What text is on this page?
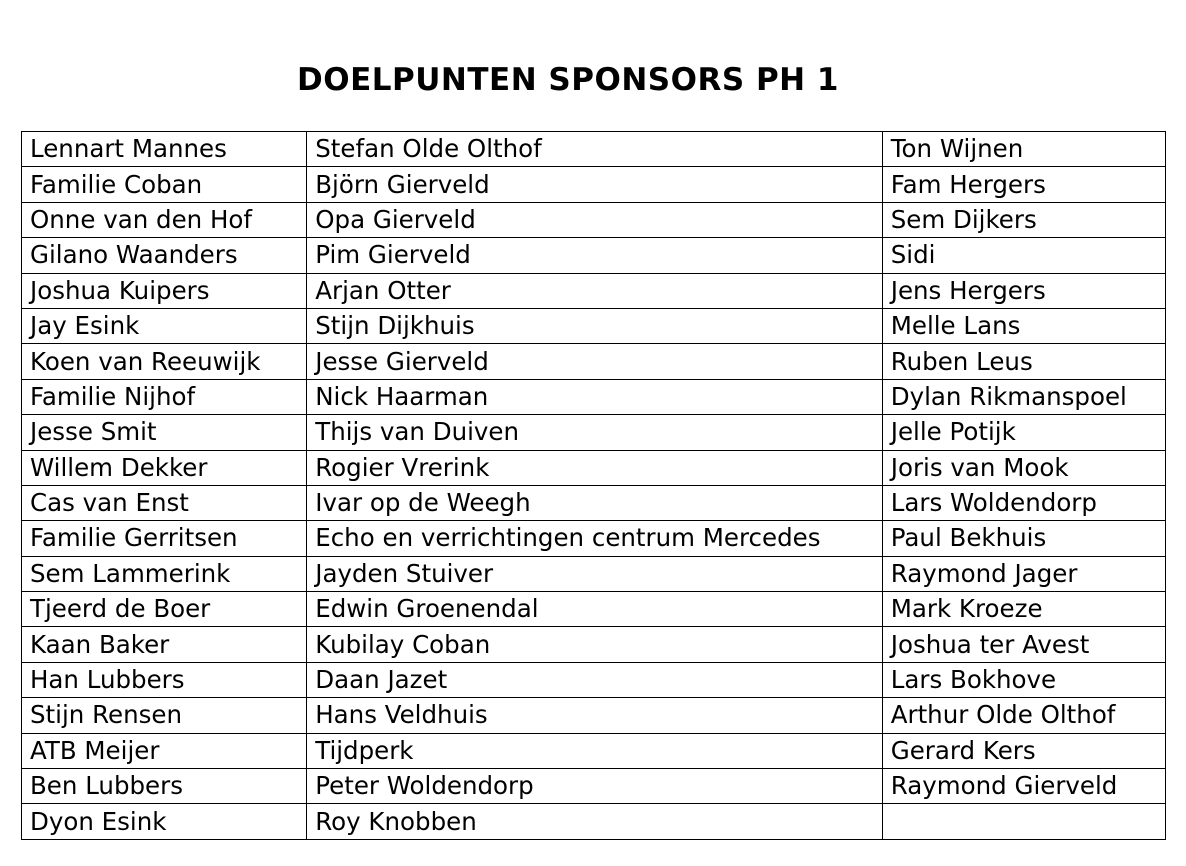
DOELPUNTEN SPONSORS PH 1
Lennart Mannes	Stefan Olde Olthof	Ton Wijnen
Familie Coban	Björn Gierveld	Fam Hergers
Onne van den Hof	Opa Gierveld	Sem Dijkers
Gilano Waanders	Pim Gierveld	Sidi
Joshua Kuipers	Arjan Otter	Jens Hergers
Jay Esink	Stijn Dijkhuis	Melle Lans
Koen van Reeuwijk	Jesse Gierveld	Ruben Leus
Familie Nijhof	Nick Haarman	Dylan Rikmanspoel
Jesse Smit	Thijs van Duiven	Jelle Potijk
Willem Dekker	Rogier Vrerink	Joris van Mook
Cas van Enst	Ivar op de Weegh	Lars Woldendorp
Familie Gerritsen	Echo en verrichtingen centrum Mercedes	Paul Bekhuis
Sem Lammerink	Jayden Stuiver	Raymond Jager
Tjeerd de Boer	Edwin Groenendal	Mark Kroeze
Kaan Baker	Kubilay Coban	Joshua ter Avest
Han Lubbers	Daan Jazet	Lars Bokhove
Stijn Rensen	Hans Veldhuis	Arthur Olde Olthof
ATB Meijer	Tijdperk	Gerard Kers
Ben Lubbers	Peter Woldendorp	Raymond Gierveld
Dyon Esink	Roy Knobben	
